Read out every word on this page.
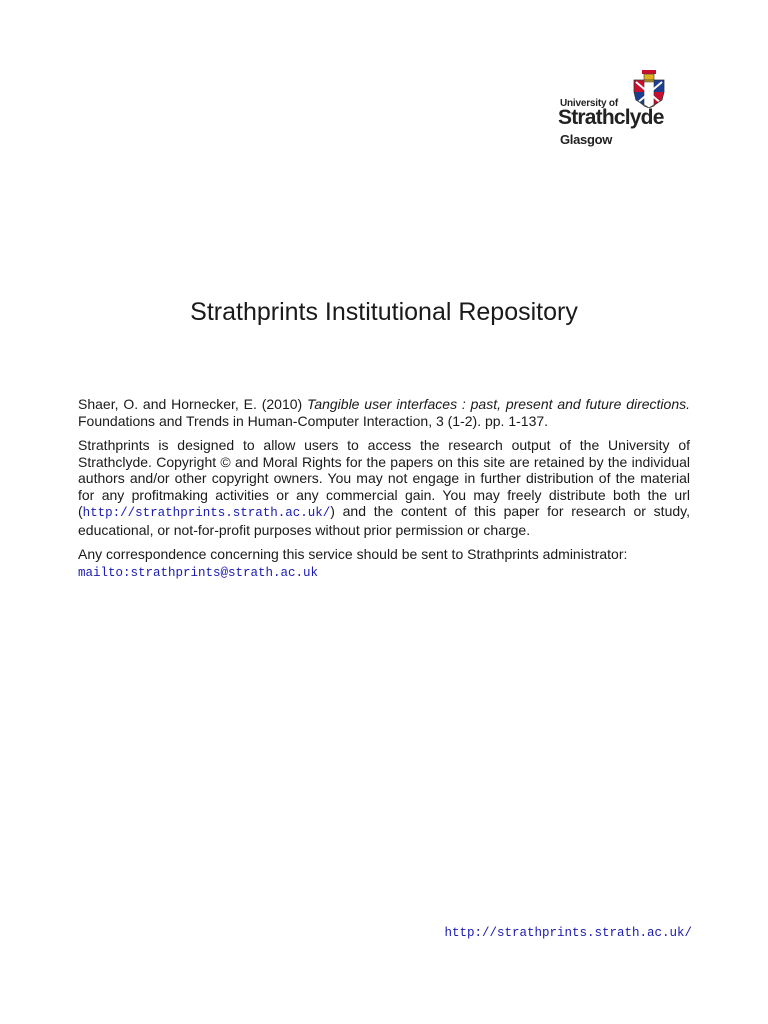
University of
Strathclyde
Glasgow
Strathprints Institutional Repository

Shaer, O. and Hornecker, E. (2010) Tangible user interfaces : past, present and future directions. Foundations and Trends in Human-Computer Interaction, 3 (1-2). pp. 1-137.

Strathprints is designed to allow users to access the research output of the University of Strathclyde. Copyright © and Moral Rights for the papers on this site are retained by the individual authors and/or other copyright owners. You may not engage in further distribution of the material for any profitmaking activities or any commercial gain. You may freely distribute both the url (http://strathprints.strath.ac.uk/) and the content of this paper for research or study, educational, or not-for-profit purposes without prior permission or charge.

Any correspondence concerning this service should be sent to Strathprints administrator:
mailto:strathprints@strath.ac.uk

http://strathprints.strath.ac.uk/
